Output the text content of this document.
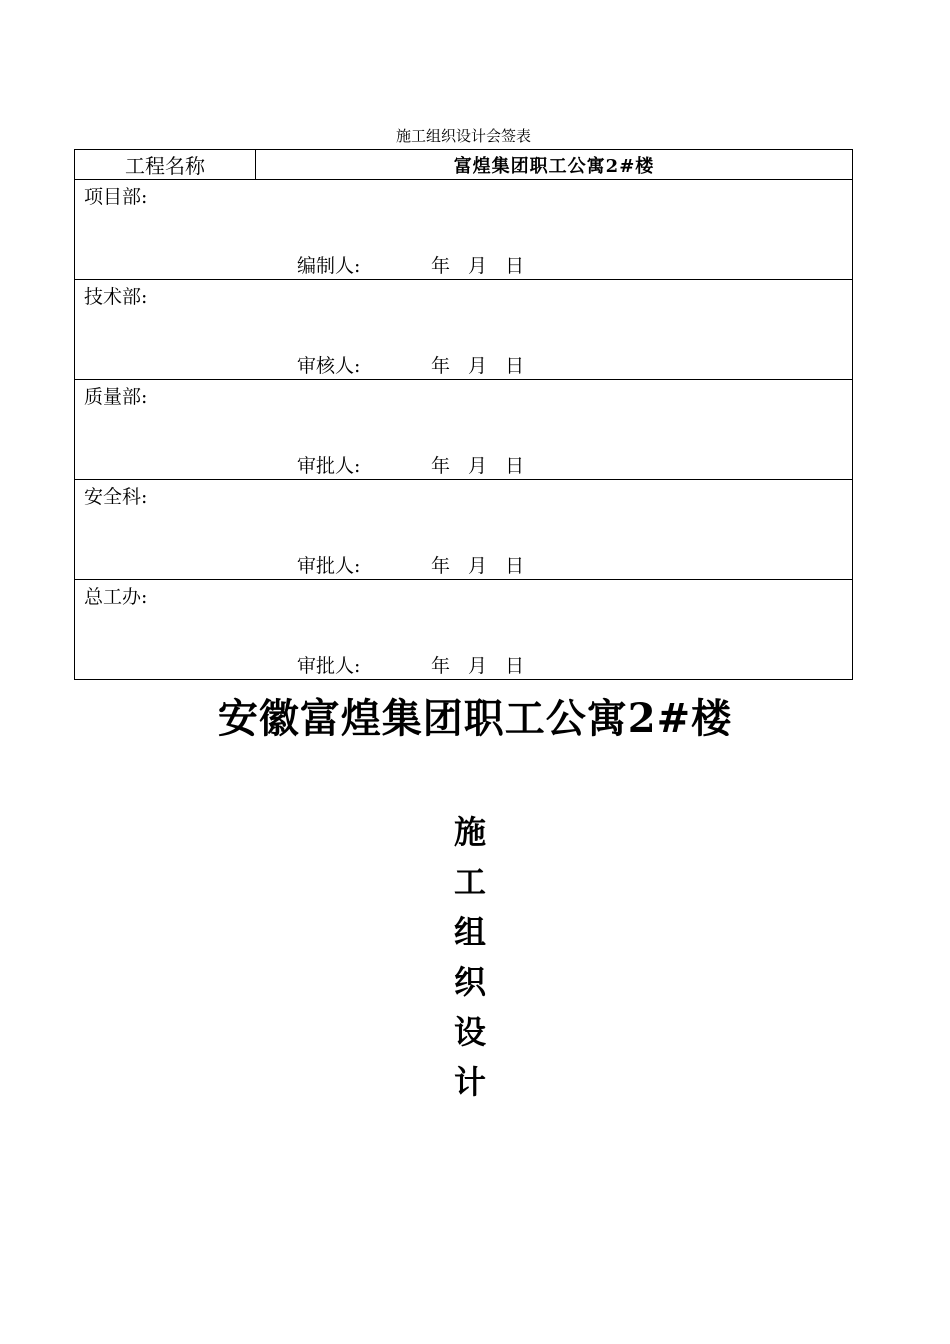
施工组织设计会签表
工程名称	富煌集团职工公寓2#楼

项目部:
编制人:	年 月 日

技术部:
审核人:	年 月 日

质量部:
审批人:	年 月 日

安全科:
审批人:	年 月 日

总工办:
审批人:	年 月 日
安徽富煌集团职工公寓2#楼
施
工
组
织
设
计
